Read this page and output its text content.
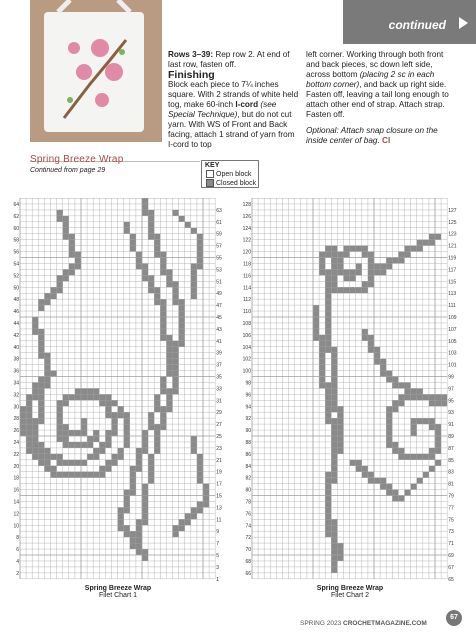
continued

Rows 3–39: Rep row 2. At end of last row, fasten off.

Finishing

Block each piece to 7¼ inches square. With 2 strands of white held tog, make 60-inch I-cord (see Special Technique), but do not cut yarn. With WS of Front and Back facing, attach 1 strand of yarn from I-cord to top

left corner. Working through both front and back pieces, sc down left side, across bottom (placing 2 sc in each bottom corner), and back up right side. Fasten off, leaving a tail long enough to attach other end of strap. Attach strap. Fasten off.

Optional: Attach snap closure on the inside center of bag. CI

Spring Breeze Wrap
Continued from page 29
KEY
Open block
Closed block
64
62
60
58
56
54
52
50
48
46
44
42
40
38
36
34
32
30
28
26
24
22
20
18
16
14
12
10
8
6
4
2
63
61
59
57
55
53
51
49
47
45
43
41
39
37
35
33
31
29
27
25
23
21
19
17
15
13
11
9
7
5
3
1
128
126
124
122
120
118
116
114
112
110
108
106
104
102
100
98
96
94
92
90
88
86
84
82
80
78
76
74
72
70
68
66
127
125
123
121
119
117
115
113
111
109
107
105
103
101
99
97
95
93
91
89
87
85
83
81
79
77
75
73
71
69
67
65
Spring Breeze Wrap
Filet Chart 1
Spring Breeze Wrap
Filet Chart 2
SPRING 2023 CROCHETMAGAZINE.COM
67
